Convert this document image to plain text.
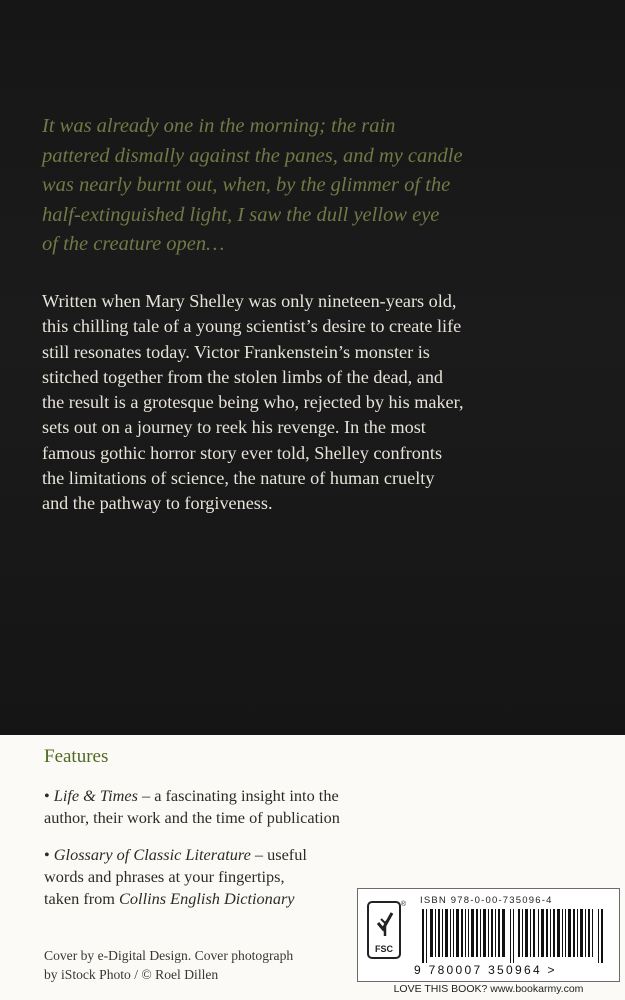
It was already one in the morning; the rain
pattered dismally against the panes, and my candle
was nearly burnt out, when, by the glimmer of the
half-extinguished light, I saw the dull yellow eye
of the creature open…

Written when Mary Shelley was only nineteen-years old,
this chilling tale of a young scientist’s desire to create life
still resonates today. Victor Frankenstein’s monster is
stitched together from the stolen limbs of the dead, and
the result is a grotesque being who, rejected by his maker,
sets out on a journey to reek his revenge. In the most
famous gothic horror story ever told, Shelley confronts
the limitations of science, the nature of human cruelty
and the pathway to forgiveness.

Features

• Life & Times – a fascinating insight into the
author, their work and the time of publication

• Glossary of Classic Literature – useful
words and phrases at your fingertips,
taken from Collins English Dictionary

Cover by e-Digital Design. Cover photograph
by iStock Photo / © Roel Dillen

FSC
® ISBN 978-0-00-735096-4

9 780007 350964 >

LOVE THIS BOOK? www.bookarmy.com
